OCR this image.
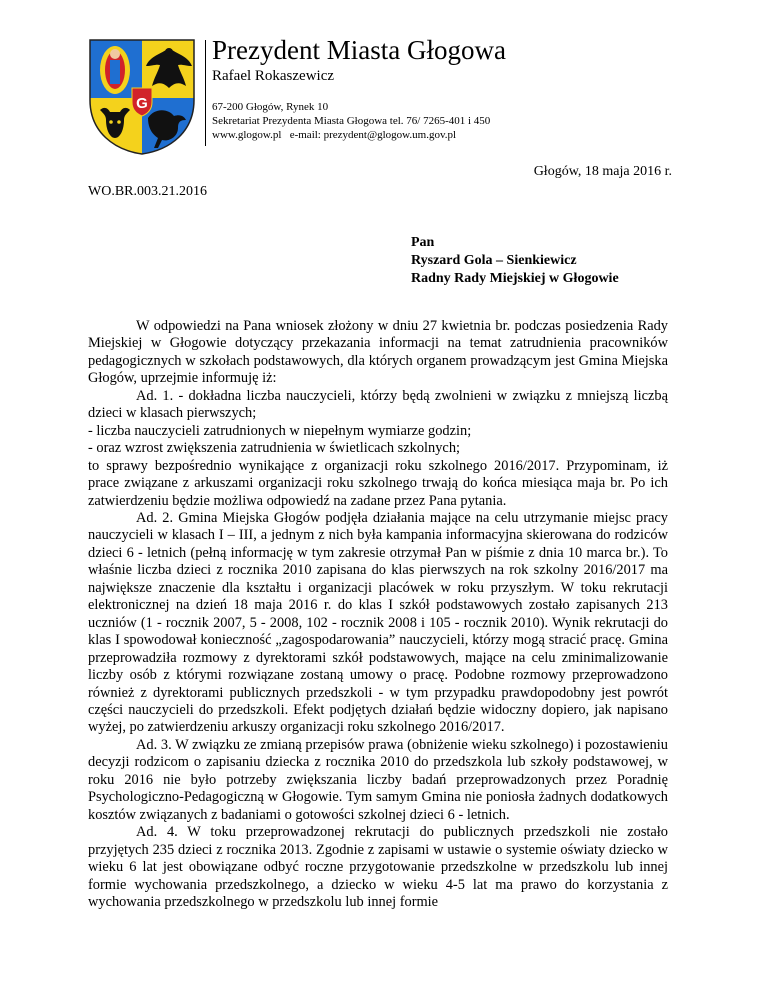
G
Prezydent Miasta Głogowa
Rafael Rokaszewicz
67-200 Głogów, Rynek 10
Sekretariat Prezydenta Miasta Głogowa tel. 76/ 7265-401 i 450
www.glogow.pl   e-mail: prezydent@glogow.um.gov.pl
Głogów, 18 maja 2016 r.
WO.BR.003.21.2016
Pan
Ryszard Gola – Sienkiewicz
Radny Rady Miejskiej w Głogowie

W odpowiedzi na Pana wniosek złożony w dniu 27 kwietnia br. podczas posiedzenia Rady Miejskiej w Głogowie dotyczący przekazania informacji na temat zatrudnienia pracowników pedagogicznych w szkołach podstawowych, dla których organem prowadzącym jest Gmina Miejska Głogów, uprzejmie informuję iż:

Ad. 1. - dokładna liczba nauczycieli, którzy będą zwolnieni w związku z mniejszą liczbą dzieci w klasach pierwszych;

- liczba nauczycieli zatrudnionych w niepełnym wymiarze godzin;

- oraz wzrost zwiększenia zatrudnienia w świetlicach szkolnych;

to sprawy bezpośrednio wynikające z organizacji roku szkolnego 2016/2017. Przypominam, iż prace związane z arkuszami organizacji roku szkolnego trwają do końca miesiąca maja br. Po ich zatwierdzeniu będzie możliwa odpowiedź na zadane przez Pana pytania.

Ad. 2. Gmina Miejska Głogów podjęła działania mające na celu utrzymanie miejsc pracy nauczycieli w klasach I – III, a jednym z nich była kampania informacyjna skierowana do rodziców dzieci 6 - letnich (pełną informację w tym zakresie otrzymał Pan w piśmie z dnia 10 marca br.). To właśnie liczba dzieci z rocznika 2010 zapisana do klas pierwszych na rok szkolny 2016/2017 ma największe znaczenie dla kształtu i organizacji placówek w roku przyszłym. W toku rekrutacji elektronicznej na dzień 18 maja 2016 r. do klas I szkół podstawowych zostało zapisanych 213 uczniów (1 - rocznik 2007, 5 - 2008, 102 - rocznik 2008 i 105 - rocznik 2010). Wynik rekrutacji do klas I spowodował konieczność „zagospodarowania” nauczycieli, którzy mogą stracić pracę. Gmina przeprowadziła rozmowy z dyrektorami szkół podstawowych, mające na celu zminimalizowanie liczby osób z którymi rozwiązane zostaną umowy o pracę. Podobne rozmowy przeprowadzono również z dyrektorami publicznych przedszkoli - w tym przypadku prawdopodobny jest powrót części nauczycieli do przedszkoli. Efekt podjętych działań będzie widoczny dopiero, jak napisano wyżej, po zatwierdzeniu arkuszy organizacji roku szkolnego 2016/2017.

Ad. 3. W związku ze zmianą przepisów prawa (obniżenie wieku szkolnego) i pozostawieniu decyzji rodzicom o zapisaniu dziecka z rocznika 2010 do przedszkola lub szkoły podstawowej, w roku 2016 nie było potrzeby zwiększania liczby badań przeprowadzonych przez Poradnię Psychologiczno-Pedagogiczną w Głogowie. Tym samym Gmina nie poniosła żadnych dodatkowych kosztów związanych z badaniami o gotowości szkolnej dzieci 6 - letnich.

Ad. 4. W toku przeprowadzonej rekrutacji do publicznych przedszkoli nie zostało przyjętych 235 dzieci z rocznika 2013. Zgodnie z zapisami w ustawie o systemie oświaty dziecko w wieku 6 lat jest obowiązane odbyć roczne przygotowanie przedszkolne w przedszkolu lub innej formie wychowania przedszkolnego, a dziecko w wieku 4-5 lat ma prawo do korzystania z wychowania przedszkolnego w przedszkolu lub innej formie
